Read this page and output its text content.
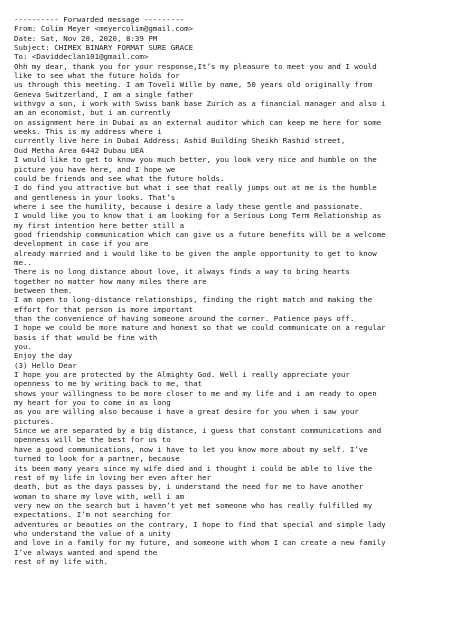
---------- Forwarded message ---------
From: Colim Meyer <meyercolim@gmail.com>
Date: Sat, Nov 28, 2020, 8:39 PM
Subject: CHIMEX BINARY FORMAT SURE GRACE
To: <Daviddeclan101@gmail.com>
Ohh my dear, thank you for your response,It’s my pleasure to meet you and I would
like to see what the future holds for
us through this meeting. I am Toveli Wille by name, 50 years old originally from
Geneva Switzerland, I am a single father
withvgv a son, i work with Swiss bank base Zurich as a financial manager and also i
am an economist, but i am currently
on assignment here in Dubai as an external auditor which can keep me here for some
weeks. This is my address where i
currently live here in Dubai Address: Ashid Building Sheikh Rashid street,
Oud Metha Area 6442 Dubau UEA
I would like to get to know you much better, you look very nice and humble on the
picture you have here, and I hope we
could be friends and see what the future holds.
I do find you attractive but what i see that really jumps out at me is the humble
and gentleness in your looks. That’s
where i see the humility, because i desire a lady these gentle and passionate.
I would like you to know that i am looking for a Serious Long Term Relationship as
my first intention here better still a
good friendship communication which can give us a future benefits will be a welcome
development in case if you are
already married and i would like to be given the ample opportunity to get to know
me..
There is no long distance about love, it always finds a way to bring hearts
together no matter how many miles there are
between them.
I am open to long-distance relationships, finding the right match and making the
effort for that person is more important
than the convenience of having someone around the corner. Patience pays off.
I hope we could be more mature and honest so that we could communicate on a regular
basis if that would be fine with
you.
Enjoy the day
(3) Hello Dear
I hope you are protected by the Almighty God. Well i really appreciate your
openness to me by writing back to me, that
shows your willingness to be more closer to me and my life and i am ready to open
my heart for you to come in as long
as you are willing also because i have a great desire for you when i saw your
pictures.
Since we are separated by a big distance, i guess that constant communications and
openness will be the best for us to
have a good communications, now i have to let you know more about my self. I’ve
turned to look for a partner, because
its been many years since my wife died and i thought i could be able to live the
rest of my life in loving her even after her
death, but as the days passes by, i understand the need for me to have another
woman to share my love with, well i am
very new on the search but i haven’t yet met someone who has really fulfilled my
expectations. I’m not searching for
adventures or beauties on the contrary, I hope to find that special and simple lady
who understand the value of a unity
and love in a family for my future, and someone with whom I can create a new family
I’ve always wanted and spend the
rest of my life with.
